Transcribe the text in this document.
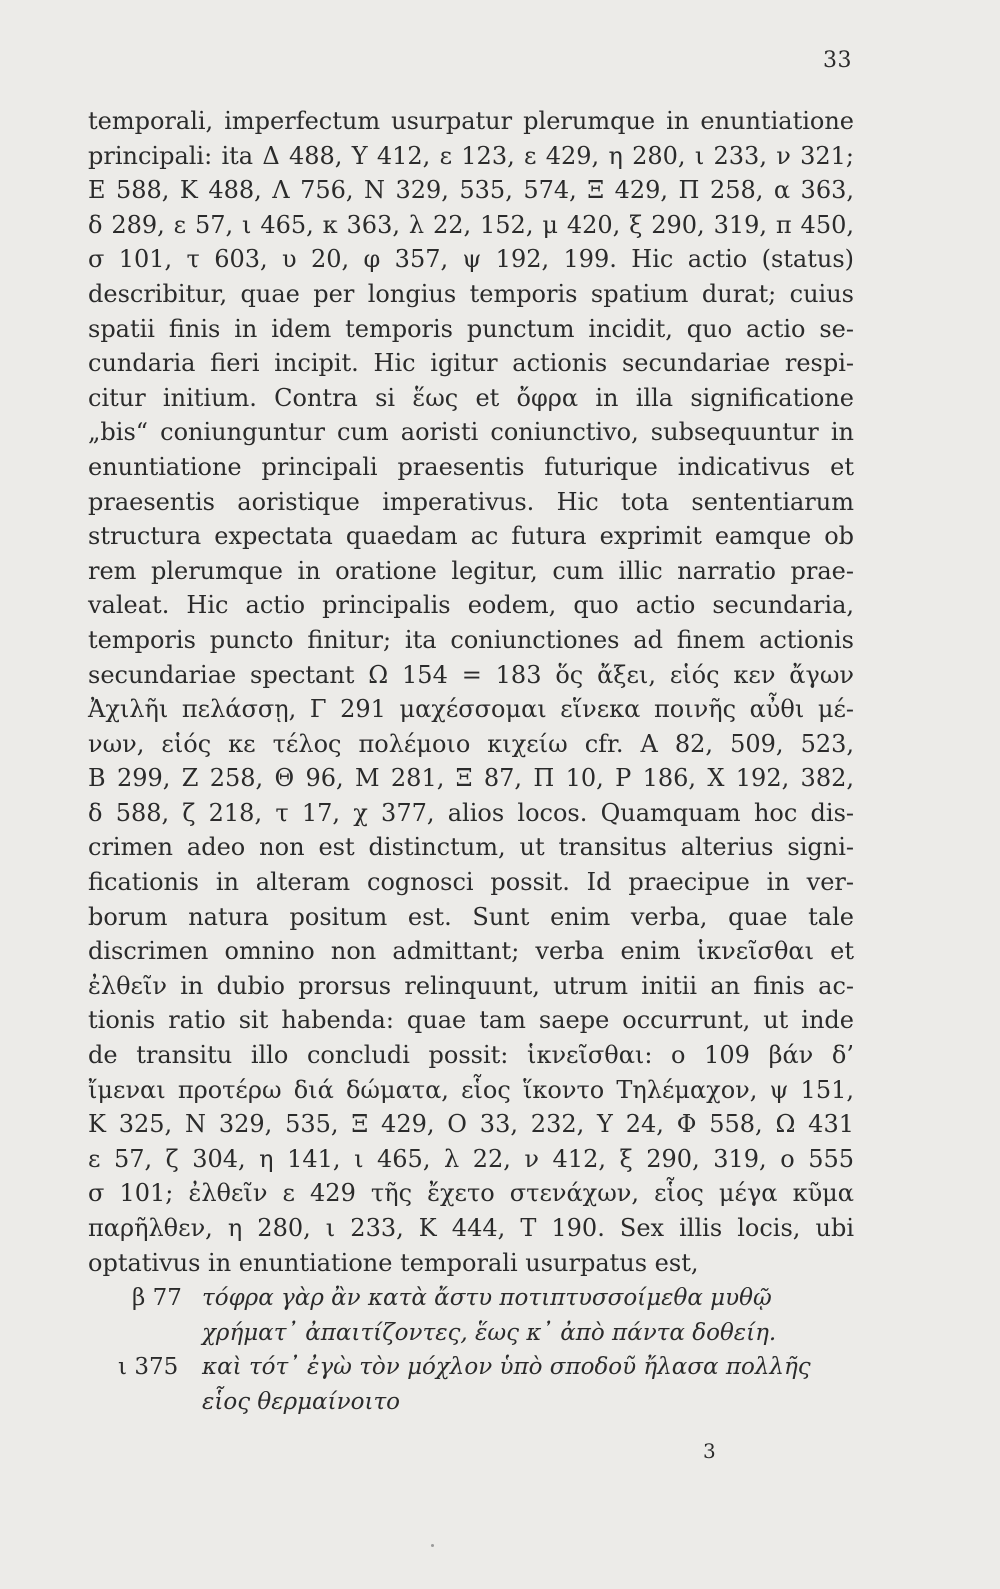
33
temporali, imperfectum usurpatur plerumque in enuntiatione
principali: ita Δ 488, Υ 412, ε 123, ε 429, η 280, ι 233, ν 321;
E 588, K 488, Λ 756, N 329, 535, 574, Ξ 429, Π 258, α 363,
δ 289, ε 57, ι 465, κ 363, λ 22, 152, μ 420, ξ 290, 319, π 450,
σ 101, τ 603, υ 20, φ 357, ψ 192, 199. Hic actio (status)
describitur, quae per longius temporis spatium durat; cuius
spatii finis in idem temporis punctum incidit, quo actio se-
cundaria fieri incipit. Hic igitur actionis secundariae respi-
citur initium. Contra si ἕως et ὄφρα in illa significatione
„bis“ coniunguntur cum aoristi coniunctivo, subsequuntur in
enuntiatione principali praesentis futurique indicativus et
praesentis aoristique imperativus. Hic tota sententiarum
structura expectata quaedam ac futura exprimit eamque ob
rem plerumque in oratione legitur, cum illic narratio prae-
valeat. Hic actio principalis eodem, quo actio secundaria,
temporis puncto finitur; ita coniunctiones ad finem actionis
secundariae spectant Ω 154 = 183 ὅς ἄξει, εἱός κεν ἄγων
Ἀχιλῆι πελάσσῃ, Γ 291 μαχέσσομαι εἵνεκα ποινῆς αὖθι μέ-
νων, εἱός κε τέλος πολέμοιο κιχείω cfr. Α 82, 509, 523,
B 299, Z 258, Θ 96, M 281, Ξ 87, Π 10, P 186, X 192, 382,
δ 588, ζ 218, τ 17, χ 377, alios locos. Quamquam hoc dis-
crimen adeo non est distinctum, ut transitus alterius signi-
ficationis in alteram cognosci possit. Id praecipue in ver-
borum natura positum est. Sunt enim verba, quae tale
discrimen omnino non admittant; verba enim ἱκνεῖσθαι et
ἐλθεῖν in dubio prorsus relinquunt, utrum initii an finis ac-
tionis ratio sit habenda: quae tam saepe occurrunt, ut inde
de transitu illo concludi possit: ἱκνεῖσθαι: ο 109 βάν δ’
ἴμεναι προτέρω διά δώματα, εἷος ἵκοντο Τηλέμαχον, ψ 151,
K 325, N 329, 535, Ξ 429, O 33, 232, Υ 24, Φ 558, Ω 431
ε 57, ζ 304, η 141, ι 465, λ 22, ν 412, ξ 290, 319, ο 555
σ 101; ἐλθεῖν ε 429 τῆς ἔχετο στενάχων, εἷος μέγα κῦμα
παρῆλθεν, η 280, ι 233, K 444, T 190. Sex illis locis, ubi
optativus in enuntiatione temporali usurpatus est,
β 77 τόφρα γὰρ ἂν κατὰ ἄστυ ποτιπτυσσοίμεθα μυθῷ
χρήματ᾿ ἀπαιτίζοντες, ἕως κ᾿ ἀπὸ πάντα δοθείη.
ι 375 καὶ τότ᾿ ἐγὼ τὸν μόχλον ὑπὸ σποδοῦ ἤλασα πολλῆς
εἷος θερμαίνοιτο
3
